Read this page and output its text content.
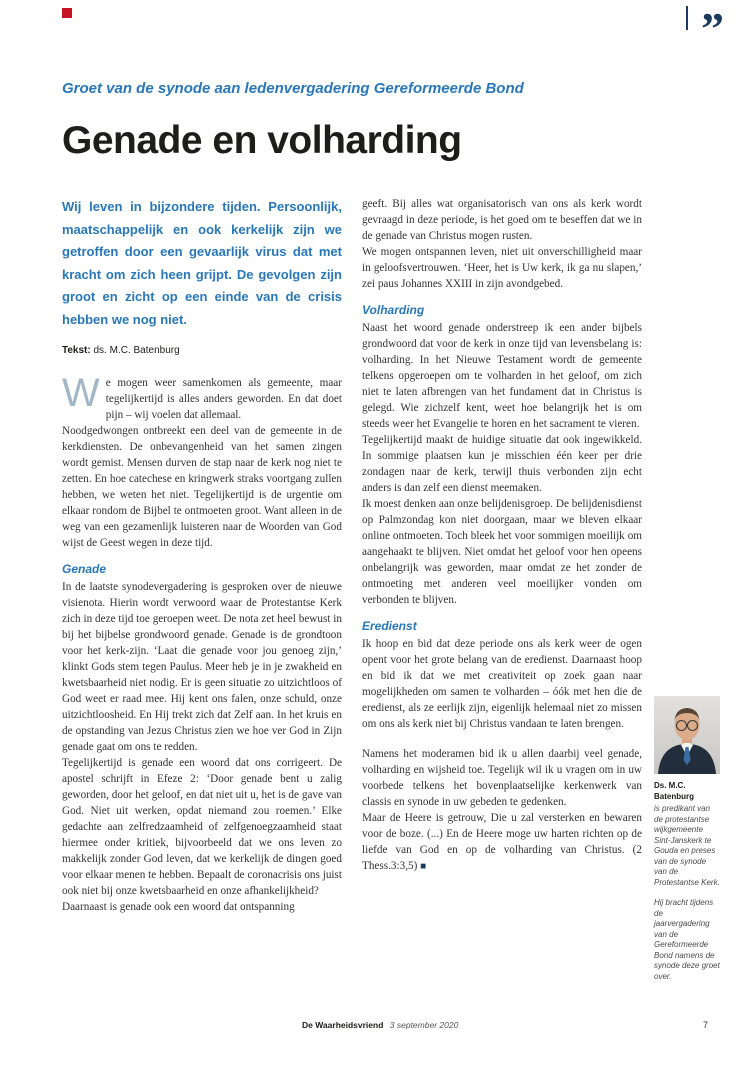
”
Groet van de synode aan ledenvergadering Gereformeerde Bond
Genade en volharding

Wij leven in bijzondere tijden. Persoonlijk, maatschappelijk en ook kerkelijk zijn we getroffen door een gevaarlijk virus dat met kracht om zich heen grijpt. De gevolgen zijn groot en zicht op een einde van de crisis hebben we nog niet.

Tekst: ds. M.C. Batenburg

We mogen weer samenkomen als gemeente, maar tegelijkertijd is alles anders geworden. En dat doet pijn – wij voelen dat allemaal.

Noodgedwongen ontbreekt een deel van de gemeente in de kerkdiensten. De onbevangenheid van het samen zingen wordt gemist. Mensen durven de stap naar de kerk nog niet te zetten. En hoe catechese en kringwerk straks voortgang zullen hebben, we weten het niet. Tegelijkertijd is de urgentie om elkaar rondom de Bijbel te ontmoeten groot. Want alleen in de weg van een gezamenlijk luisteren naar de Woorden van God wijst de Geest wegen in deze tijd.

Genade

In de laatste synodevergadering is gesproken over de nieuwe visienota. Hierin wordt verwoord waar de Protestantse Kerk zich in deze tijd toe geroepen weet. De nota zet heel bewust in bij het bijbelse grondwoord genade. Genade is de grondtoon voor het kerk-zijn. ‘Laat die genade voor jou genoeg zijn,’ klinkt Gods stem tegen Paulus. Meer heb je in je zwakheid en kwetsbaarheid niet nodig. Er is geen situatie zo uitzichtloos of God weet er raad mee. Hij kent ons falen, onze schuld, onze uitzichtloosheid. En Hij trekt zich dat Zelf aan. In het kruis en de opstanding van Jezus Christus zien we hoe ver God in Zijn genade gaat om ons te redden.

Tegelijkertijd is genade een woord dat ons corrigeert. De apostel schrijft in Efeze 2: ‘Door genade bent u zalig geworden, door het geloof, en dat niet uit u, het is de gave van God. Niet uit werken, opdat niemand zou roemen.’ Elke gedachte aan zelfredzaamheid of zelfgenoegzaamheid staat hiermee onder kritiek, bijvoorbeeld dat we ons leven zo makkelijk zonder God leven, dat we kerkelijk de dingen goed voor elkaar menen te hebben. Bepaalt de coronacrisis ons juist ook niet bij onze kwetsbaarheid en onze afhankelijkheid?

Daarnaast is genade ook een woord dat ontspanning

geeft. Bij alles wat organisatorisch van ons als kerk wordt gevraagd in deze periode, is het goed om te beseffen dat we in de genade van Christus mogen rusten.

We mogen ontspannen leven, niet uit onverschilligheid maar in geloofsvertrouwen. ‘Heer, het is Uw kerk, ik ga nu slapen,’ zei paus Johannes XXIII in zijn avondgebed.

Volharding

Naast het woord genade onderstreep ik een ander bijbels grondwoord dat voor de kerk in onze tijd van levensbelang is: volharding. In het Nieuwe Testament wordt de gemeente telkens opgeroepen om te volharden in het geloof, om zich niet te laten afbrengen van het fundament dat in Christus is gelegd. Wie zichzelf kent, weet hoe belangrijk het is om steeds weer het Evangelie te horen en het sacrament te vieren.

Tegelijkertijd maakt de huidige situatie dat ook ingewikkeld. In sommige plaatsen kun je misschien één keer per drie zondagen naar de kerk, terwijl thuis verbonden zijn echt anders is dan zelf een dienst meemaken.

Ik moest denken aan onze belijdenisgroep. De belijdenisdienst op Palmzondag kon niet doorgaan, maar we bleven elkaar online ontmoeten. Toch bleek het voor sommigen moeilijk om aangehaakt te blijven. Niet omdat het geloof voor hen opeens onbelangrijk was geworden, maar omdat ze het zonder de ontmoeting met anderen veel moeilijker vonden om verbonden te blijven.

Eredienst

Ik hoop en bid dat deze periode ons als kerk weer de ogen opent voor het grote belang van de eredienst. Daarnaast hoop en bid ik dat we met creativiteit op zoek gaan naar mogelijkheden om samen te volharden – óók met hen die de eredienst, als ze eerlijk zijn, eigenlijk helemaal niet zo missen om ons als kerk niet bij Christus vandaan te laten brengen.

Namens het moderamen bid ik u allen daarbij veel genade, volharding en wijsheid toe. Tegelijk wil ik u vragen om in uw voorbede telkens het bovenplaatselijke kerkenwerk van classis en synode in uw gebeden te gedenken.

Maar de Heere is getrouw, Die u zal versterken en bewaren voor de boze. (...) En de Heere moge uw harten richten op de liefde van God en op de volharding van Christus. (2 Thess.3:3,5) ■

Ds. M.C. Batenburg
is predikant van de protestantse wijkgemeente Sint-Janskerk te Gouda en preses van de synode van de Protestantse Kerk.
Hij bracht tijdens de jaarvergadering van de Gereformeerde Bond namens de synode deze groet over.
De Waarheidsvriend 3 september 2020	7
